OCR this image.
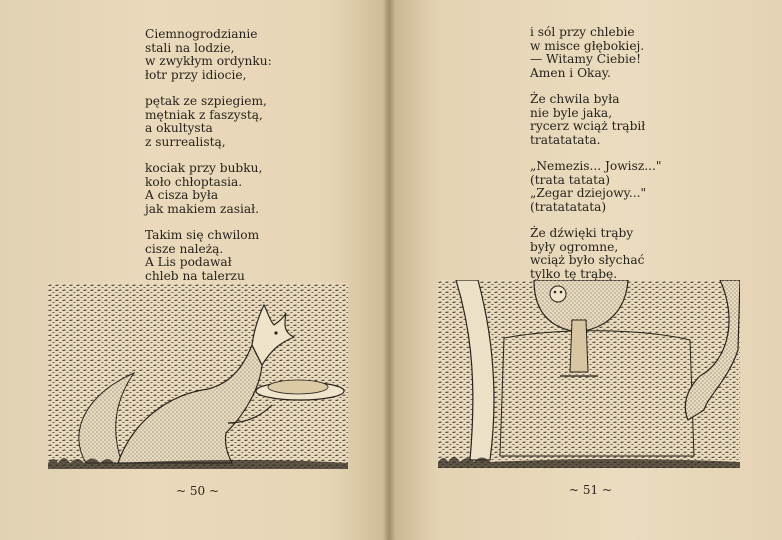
Ciemnogrodzianie
stali na lodzie,
w zwykłym ordynku:
łotr przy idiocie,
pętak ze szpiegiem,
mętniak z faszystą,
a okultysta
z surrealistą,
kociak przy bubku,
koło chłoptasia.
A cisza była
jak makiem zasiał.
Takim się chwilom
cisze należą.
A Lis podawał
chleb na talerzu
~ 50 ~
i sól przy chlebie
w misce głębokiej.
— Witamy Ciebie!
Amen i Okay.
Że chwila była
nie byle jaka,
rycerz wciąż trąbił
tratatatata.
„Nemezis... Jowisz..."
(trata tatata)
„Zegar dziejowy..."
(tratatatata)
Że dźwięki trąby
były ogromne,
wciąż było słychać
tylko tę trąbę.
~ 51 ~
